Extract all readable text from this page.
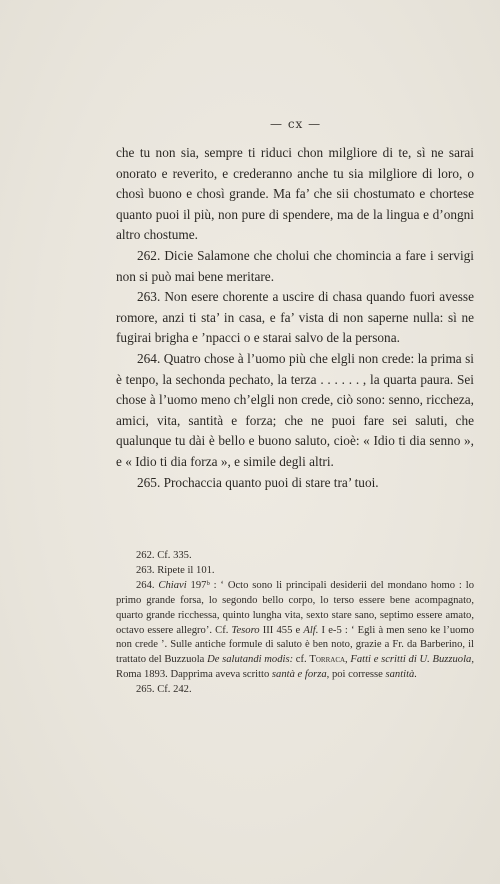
— cx —

che tu non sia, sempre ti riduci chon milgliore di te, sì ne sarai onorato e reverito, e crederanno anche tu sia milgliore di loro, o chosì buono e chosì grande. Ma fa’ che sii chostumato e chortese quanto puoi il più, non pure di spendere, ma de la lingua e d’ongni altro chostume.

262. Dicie Salamone che cholui che chomincia a fare i servigi non si può mai bene meritare.

263. Non esere chorente a uscire di chasa quando fuori avesse romore, anzi ti sta’ in casa, e fa’ vista di non saperne nulla: sì ne fugirai brigha e ’npacci o e starai salvo de la persona.

264. Quatro chose à l’uomo più che elgli non crede: la prima si è tenpo, la sechonda pechato, la terza . . . . . . , la quarta paura. Sei chose à l’uomo meno ch’elgli non crede, ciò sono: senno, riccheza, amici, vita, santità e forza; che ne puoi fare sei saluti, che qualunque tu dài è bello e buono saluto, cioè: « Idio ti dia senno », e « Idio ti dia forza », e simile degli altri.

265. Prochaccia quanto puoi di stare tra’ tuoi.

262. Cf. 335.

263. Ripete il 101.

264. Chiavi 197ᵇ : ‘ Octo sono li principali desiderii del mondano homo : lo primo grande forsa, lo segondo bello corpo, lo terso essere bene acompagnato, quarto grande ricchessa, quinto lungha vita, sexto stare sano, septimo essere amato, octavo essere allegro’. Cf. Tesoro III 455 e Alf. I e-5 : ‘ Egli à men seno ke l’uomo non crede ’. Sulle antiche formule di saluto è ben noto, grazie a Fr. da Barberino, il trattato del Buzzuola De salutandi modis: cf. Torraca, Fatti e scritti di U. Buzzuola, Roma 1893. Dapprima aveva scritto santà e forza, poi corresse santità.

265. Cf. 242.
